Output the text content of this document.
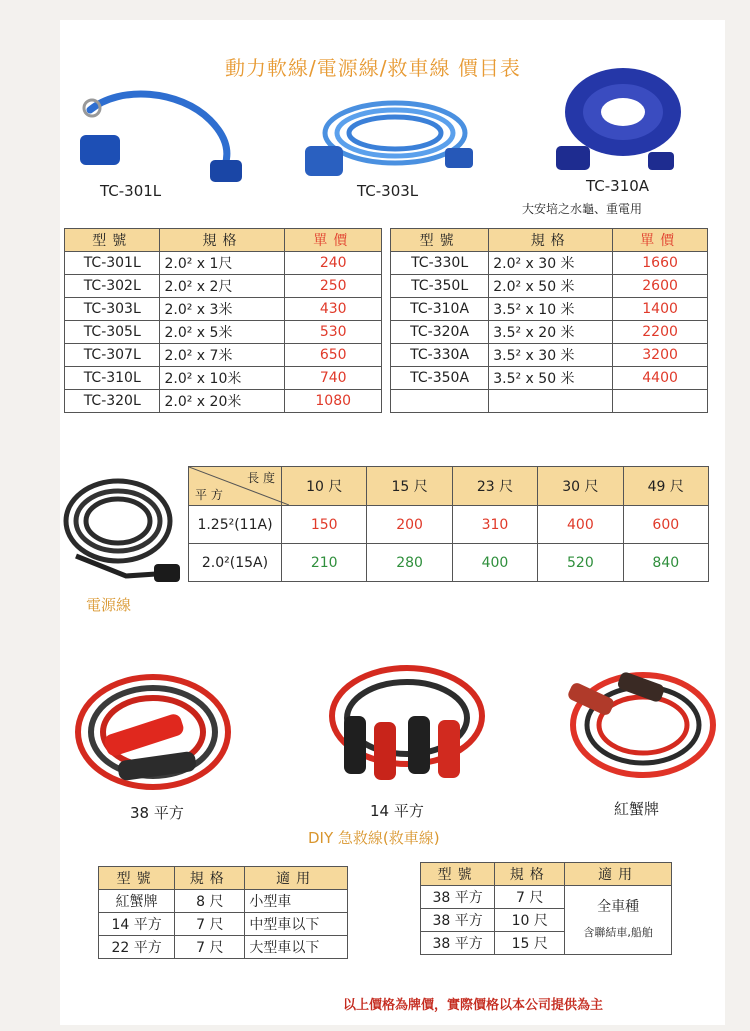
動力軟線/電源線/救車線 價目表
TC-301L	TC-303L	TC-310A
大安培之水龜、重電用
型號	規格	單價
TC-301L	2.0² x 1尺	240
TC-302L	2.0² x 2尺	250
TC-303L	2.0² x 3米	430
TC-305L	2.0² x 5米	530
TC-307L	2.0² x 7米	650
TC-310L	2.0² x 10米	740
TC-320L	2.0² x 20米	1080
型號	規格	單價
TC-330L	2.0² x 30 米	1660
TC-350L	2.0² x 50 米	2600
TC-310A	3.5² x 10 米	1400
TC-320A	3.5² x 20 米	2200
TC-330A	3.5² x 30 米	3200
TC-350A	3.5² x 50 米	4400

電源線
長 度
平 方	10 尺	15 尺	23 尺	30 尺	49 尺
1.25²(11A)	150	200	310	400	600
2.0²(15A)	210	280	400	520	840
38 平方	14 平方	紅蟹牌
DIY 急救線(救車線)
型號	規格	適用
紅蟹牌	8 尺	小型車
14 平方	7 尺	中型車以下
22 平方	7 尺	大型車以下
型號	規格	適用
38 平方	7 尺	全車種
含聯結車,船舶

38 平方	10 尺	
38 平方	15 尺	
以上價格為牌價，實際價格以本公司提供為主
